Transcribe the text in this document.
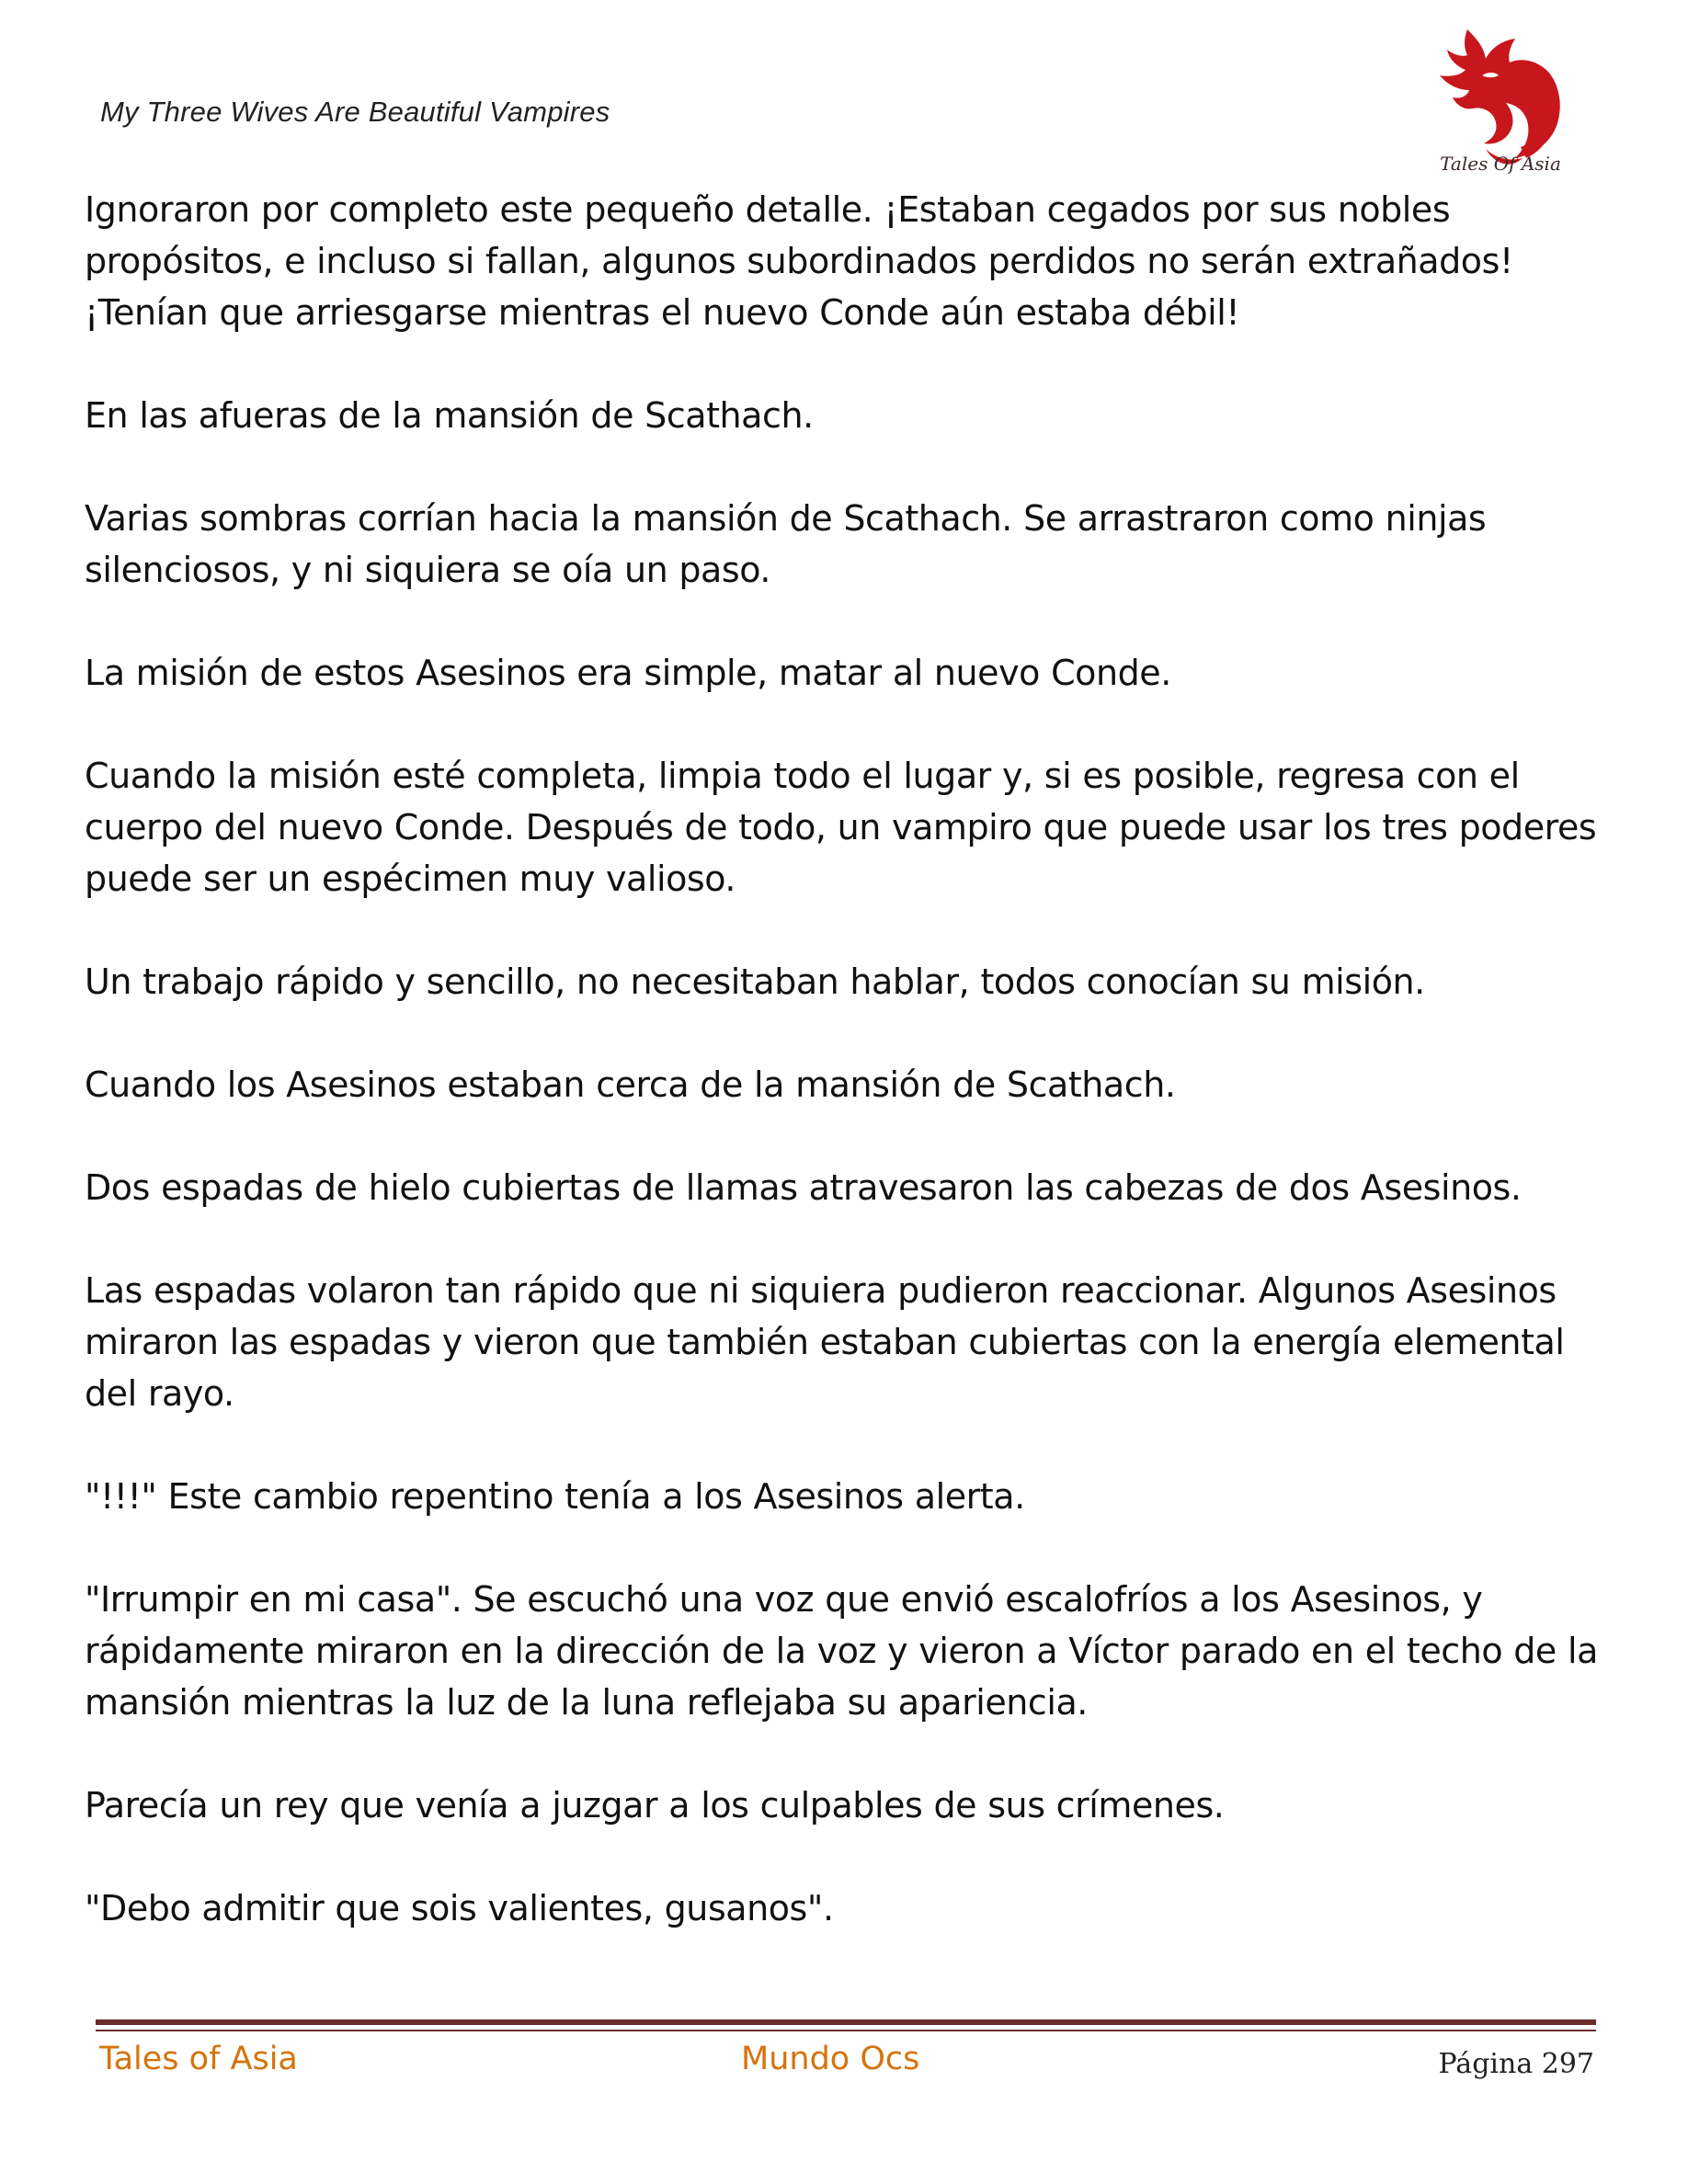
My Three Wives Are Beautiful Vampires

Tales Of Asia

Ignoraron por completo este pequeño detalle. ¡Estaban cegados por sus nobles propósitos, e incluso si fallan, algunos subordinados perdidos no serán extrañados! ¡Tenían que arriesgarse mientras el nuevo Conde aún estaba débil!

En las afueras de la mansión de Scathach.

Varias sombras corrían hacia la mansión de Scathach. Se arrastraron como ninjas silenciosos, y ni siquiera se oía un paso.

La misión de estos Asesinos era simple, matar al nuevo Conde.

Cuando la misión esté completa, limpia todo el lugar y, si es posible, regresa con el cuerpo del nuevo Conde. Después de todo, un vampiro que puede usar los tres poderes puede ser un espécimen muy valioso.

Un trabajo rápido y sencillo, no necesitaban hablar, todos conocían su misión.

Cuando los Asesinos estaban cerca de la mansión de Scathach.

Dos espadas de hielo cubiertas de llamas atravesaron las cabezas de dos Asesinos.

Las espadas volaron tan rápido que ni siquiera pudieron reaccionar. Algunos Asesinos miraron las espadas y vieron que también estaban cubiertas con la energía elemental del rayo.

"!!!" Este cambio repentino tenía a los Asesinos alerta.

"Irrumpir en mi casa". Se escuchó una voz que envió escalofríos a los Asesinos, y rápidamente miraron en la dirección de la voz y vieron a Víctor parado en el techo de la mansión mientras la luz de la luna reflejaba su apariencia.

Parecía un rey que venía a juzgar a los culpables de sus crímenes.

"Debo admitir que sois valientes, gusanos".

Tales of Asia	Mundo Ocs	Página 297
